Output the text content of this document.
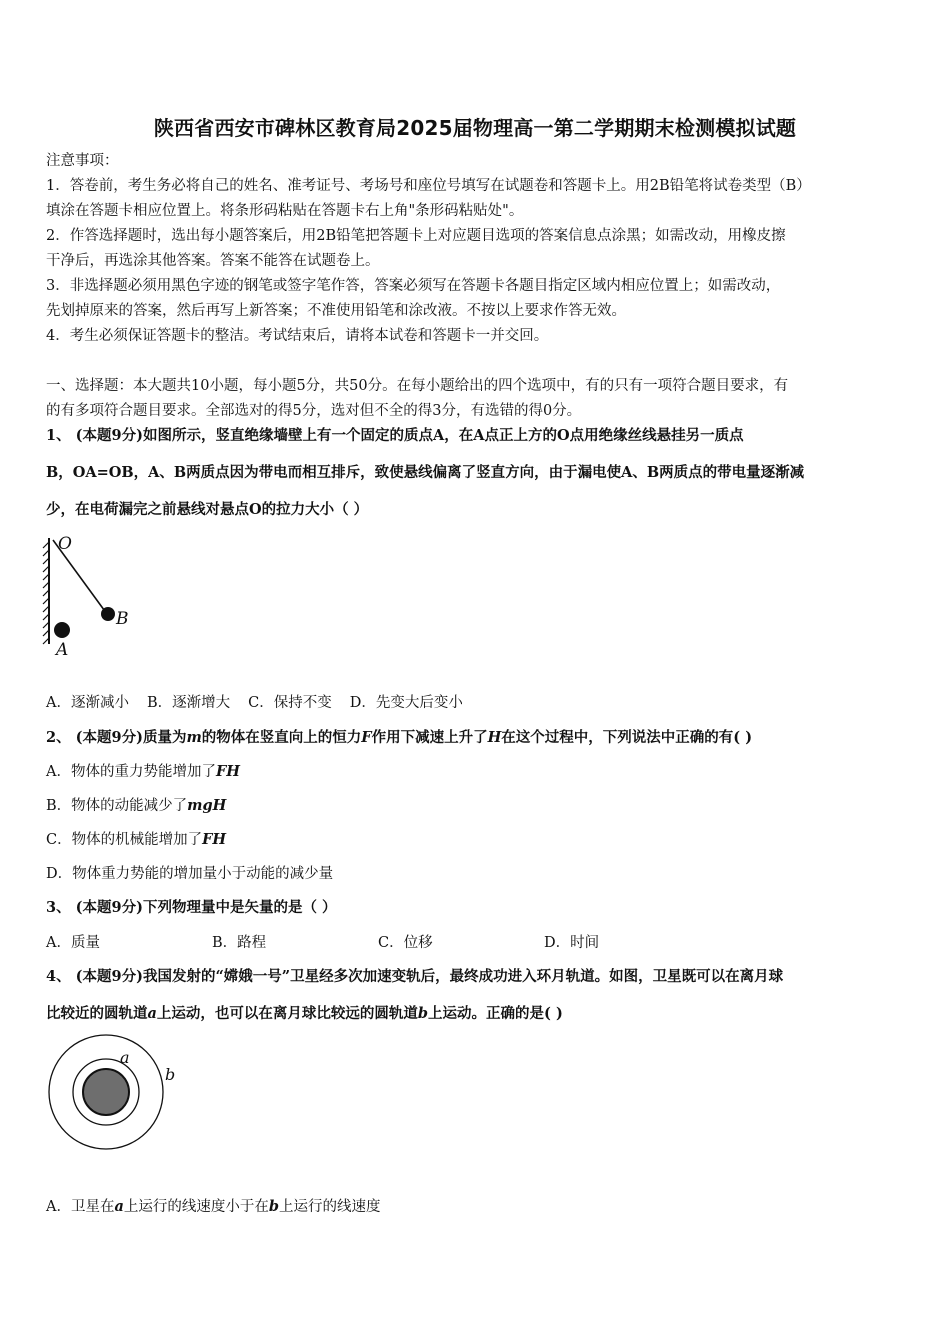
陕西省西安市碑林区教育局2025届物理高一第二学期期末检测模拟试题
注意事项：
1．答卷前，考生务必将自己的姓名、准考证号、考场号和座位号填写在试题卷和答题卡上。用2B铅笔将试卷类型（B）
填涂在答题卡相应位置上。将条形码粘贴在答题卡右上角"条形码粘贴处"。
2．作答选择题时，选出每小题答案后，用2B铅笔把答题卡上对应题目选项的答案信息点涂黑；如需改动，用橡皮擦
干净后，再选涂其他答案。答案不能答在试题卷上。
3．非选择题必须用黑色字迹的钢笔或签字笔作答，答案必须写在答题卡各题目指定区域内相应位置上；如需改动，
先划掉原来的答案，然后再写上新答案；不准使用铅笔和涂改液。不按以上要求作答无效。
4．考生必须保证答题卡的整洁。考试结束后，请将本试卷和答题卡一并交回。
一、选择题：本大题共10小题，每小题5分，共50分。在每小题给出的四个选项中，有的只有一项符合题目要求，有
的有多项符合题目要求。全部选对的得5分，选对但不全的得3分，有选错的得0分。
1、 (本题9分)如图所示，竖直绝缘墙壁上有一个固定的质点A，在A点正上方的O点用绝缘丝线悬挂另一质点
B，OA=OB，A、B两质点因为带电而相互排斥，致使悬线偏离了竖直方向，由于漏电使A、B两质点的带电量逐渐减
少，在电荷漏完之前悬线对悬点O的拉力大小（ ）
O
B
A
A．逐渐减小 B．逐渐增大 C．保持不变 D．先变大后变小
2、 (本题9分)质量为m的物体在竖直向上的恒力F作用下减速上升了H在这个过程中，下列说法中正确的有( )
A．物体的重力势能增加了FH
B．物体的动能减少了mgH
C．物体的机械能增加了FH
D．物体重力势能的增加量小于动能的减少量
3、 (本题9分)下列物理量中是矢量的是（ ）
A．质量	B．路程	C．位移	D．时间
4、 (本题9分)我国发射的“嫦娥一号”卫星经多次加速变轨后，最终成功进入环月轨道。如图，卫星既可以在离月球
比较近的圆轨道a上运动，也可以在离月球比较远的圆轨道b上运动。正确的是( )
a
b
A．卫星在a上运行的线速度小于在b上运行的线速度
